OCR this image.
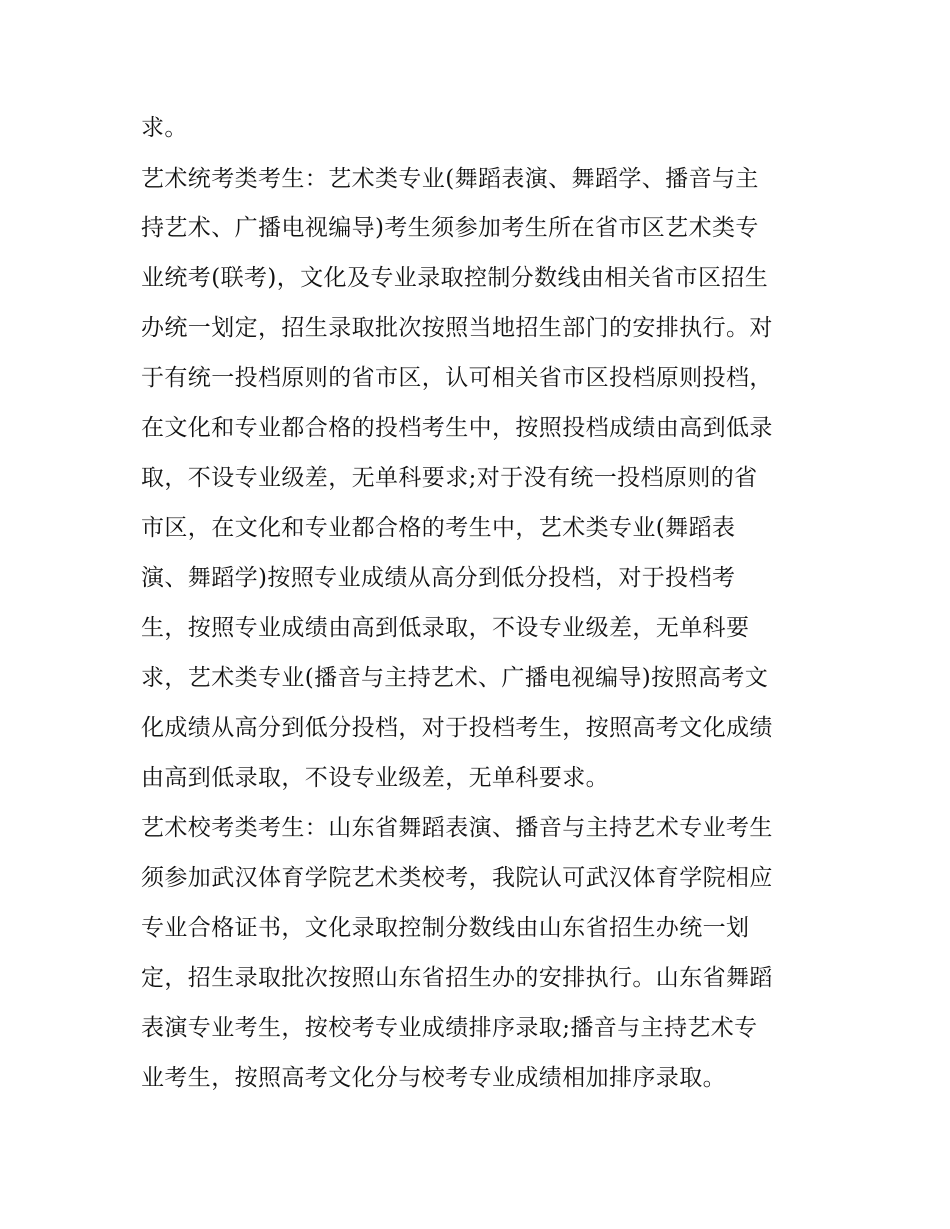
求。
艺术统考类考生：艺术类专业(舞蹈表演、舞蹈学、播音与主
持艺术、广播电视编导)考生须参加考生所在省市区艺术类专
业统考(联考)，文化及专业录取控制分数线由相关省市区招生
办统一划定，招生录取批次按照当地招生部门的安排执行。对
于有统一投档原则的省市区，认可相关省市区投档原则投档，
在文化和专业都合格的投档考生中，按照投档成绩由高到低录
取，不设专业级差，无单科要求;对于没有统一投档原则的省
市区，在文化和专业都合格的考生中，艺术类专业(舞蹈表
演、舞蹈学)按照专业成绩从高分到低分投档，对于投档考
生，按照专业成绩由高到低录取，不设专业级差，无单科要
求，艺术类专业(播音与主持艺术、广播电视编导)按照高考文
化成绩从高分到低分投档，对于投档考生，按照高考文化成绩
由高到低录取，不设专业级差，无单科要求。
艺术校考类考生：山东省舞蹈表演、播音与主持艺术专业考生
须参加武汉体育学院艺术类校考，我院认可武汉体育学院相应
专业合格证书，文化录取控制分数线由山东省招生办统一划
定，招生录取批次按照山东省招生办的安排执行。山东省舞蹈
表演专业考生，按校考专业成绩排序录取;播音与主持艺术专
业考生，按照高考文化分与校考专业成绩相加排序录取。
